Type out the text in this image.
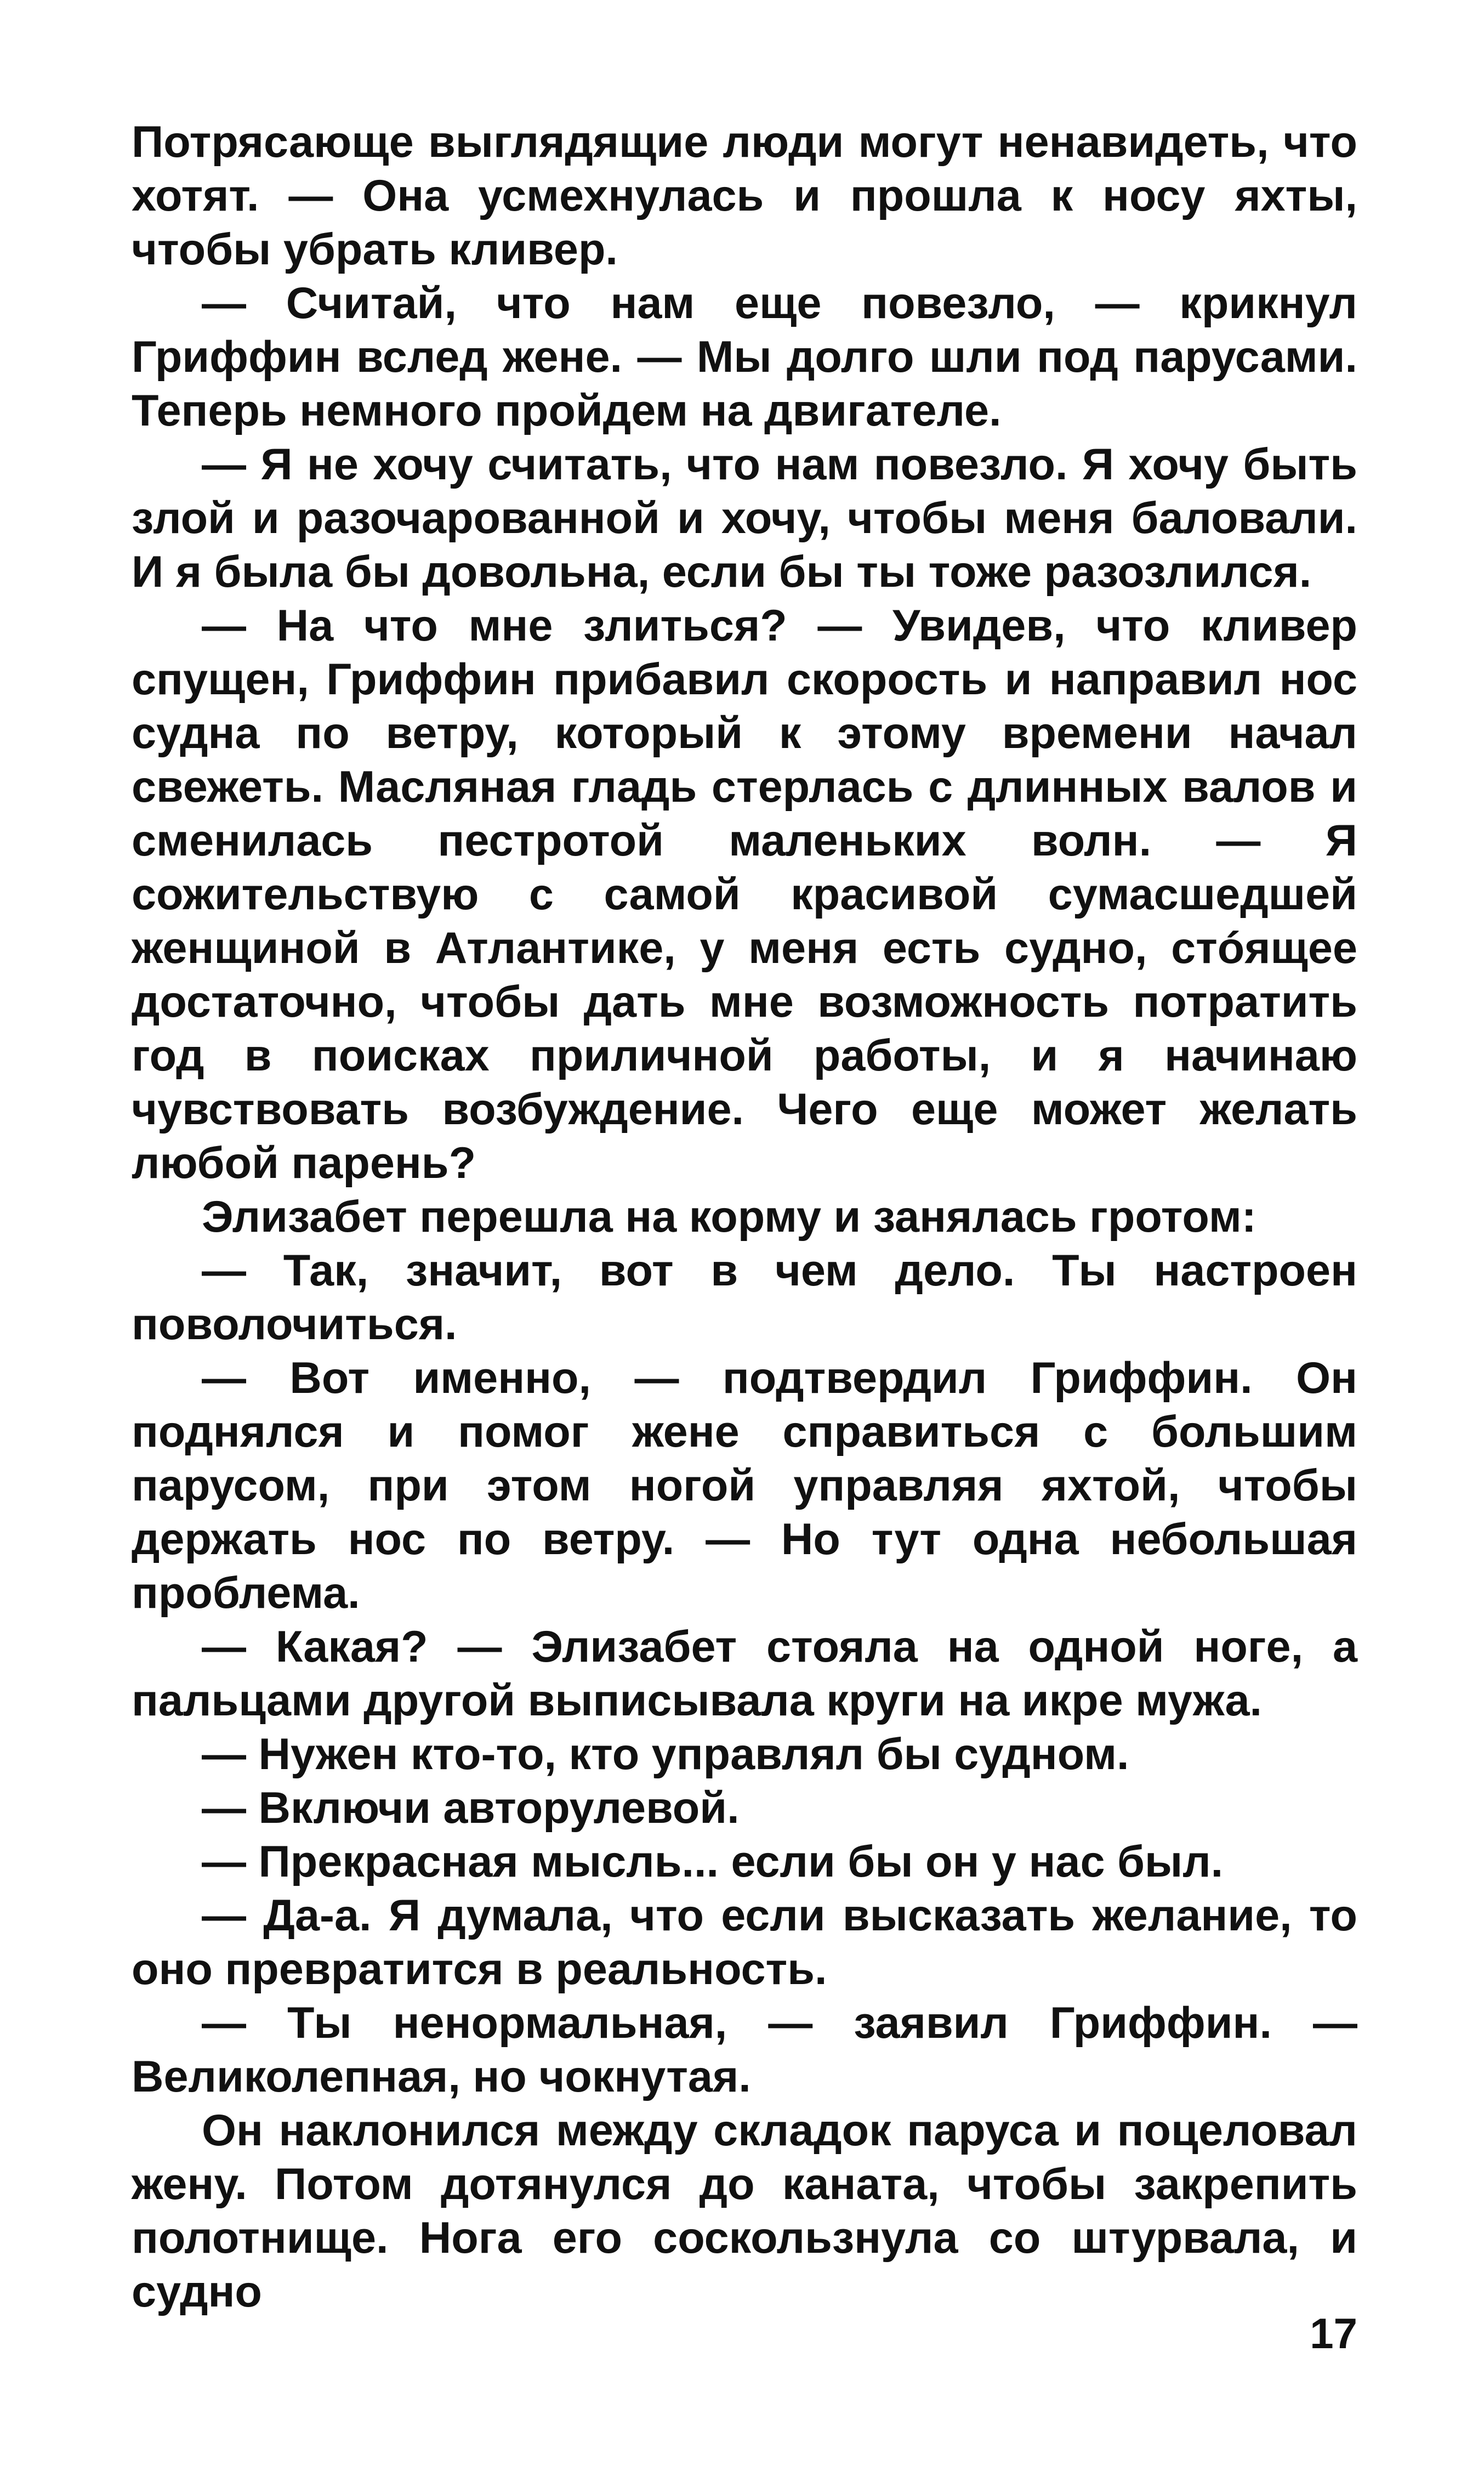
Потрясающе выглядящие люди могут ненавидеть, что хотят. — Она усмехнулась и прошла к носу яхты, чтобы убрать кливер.

— Считай, что нам еще повезло, — крикнул Гриффин вслед жене. — Мы долго шли под парусами. Теперь немного пройдем на двигателе.

— Я не хочу считать, что нам повезло. Я хочу быть злой и разочарованной и хочу, чтобы меня баловали. И я была бы довольна, если бы ты тоже разозлился.

— На что мне злиться? — Увидев, что кливер спущен, Гриффин прибавил скорость и направил нос судна по ветру, который к этому времени начал свежеть. Масляная гладь стерлась с длинных валов и сменилась пестротой маленьких волн. — Я сожительствую с самой красивой сумасшедшей женщиной в Атлантике, у меня есть судно, стóящее достаточно, чтобы дать мне возможность потратить год в поисках приличной работы, и я начинаю чувствовать возбуждение. Чего еще может желать любой парень?

Элизабет перешла на корму и занялась гротом:

— Так, значит, вот в чем дело. Ты настроен поволочиться.

— Вот именно, — подтвердил Гриффин. Он поднялся и помог жене справиться с большим парусом, при этом ногой управляя яхтой, чтобы держать нос по ветру. — Но тут одна небольшая проблема.

— Какая? — Элизабет стояла на одной ноге, а пальцами другой выписывала круги на икре мужа.

— Нужен кто-то, кто управлял бы судном.

— Включи авторулевой.

— Прекрасная мысль... если бы он у нас был.

— Да-а. Я думала, что если высказать желание, то оно превратится в реальность.

— Ты ненормальная, — заявил Гриффин. — Великолепная, но чокнутая.

Он наклонился между складок паруса и поцеловал жену. Потом дотянулся до каната, чтобы закрепить полотнище. Нога его соскользнула со штурвала, и судно

17
